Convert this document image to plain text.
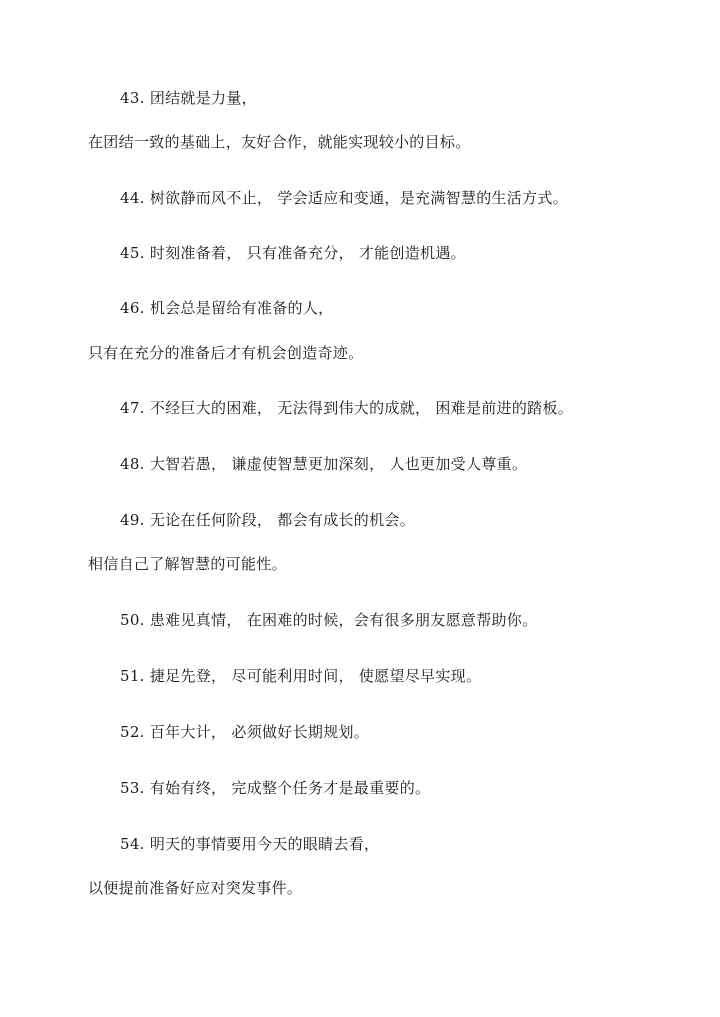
43. 团结就是力量，
在团结一致的基础上，友好合作，就能实现较小的目标。
44. 树欲静而风不止， 学会适应和变通，是充满智慧的生活方式。
45. 时刻准备着， 只有准备充分， 才能创造机遇。
46. 机会总是留给有准备的人，
只有在充分的准备后才有机会创造奇迹。
47. 不经巨大的困难， 无法得到伟大的成就， 困难是前进的踏板。
48. 大智若愚， 谦虚使智慧更加深刻， 人也更加受人尊重。
49. 无论在任何阶段， 都会有成长的机会。
相信自己了解智慧的可能性。
50. 患难见真情， 在困难的时候，会有很多朋友愿意帮助你。
51. 捷足先登， 尽可能利用时间， 使愿望尽早实现。
52. 百年大计， 必须做好长期规划。
53. 有始有终， 完成整个任务才是最重要的。
54. 明天的事情要用今天的眼睛去看，
以便提前准备好应对突发事件。
